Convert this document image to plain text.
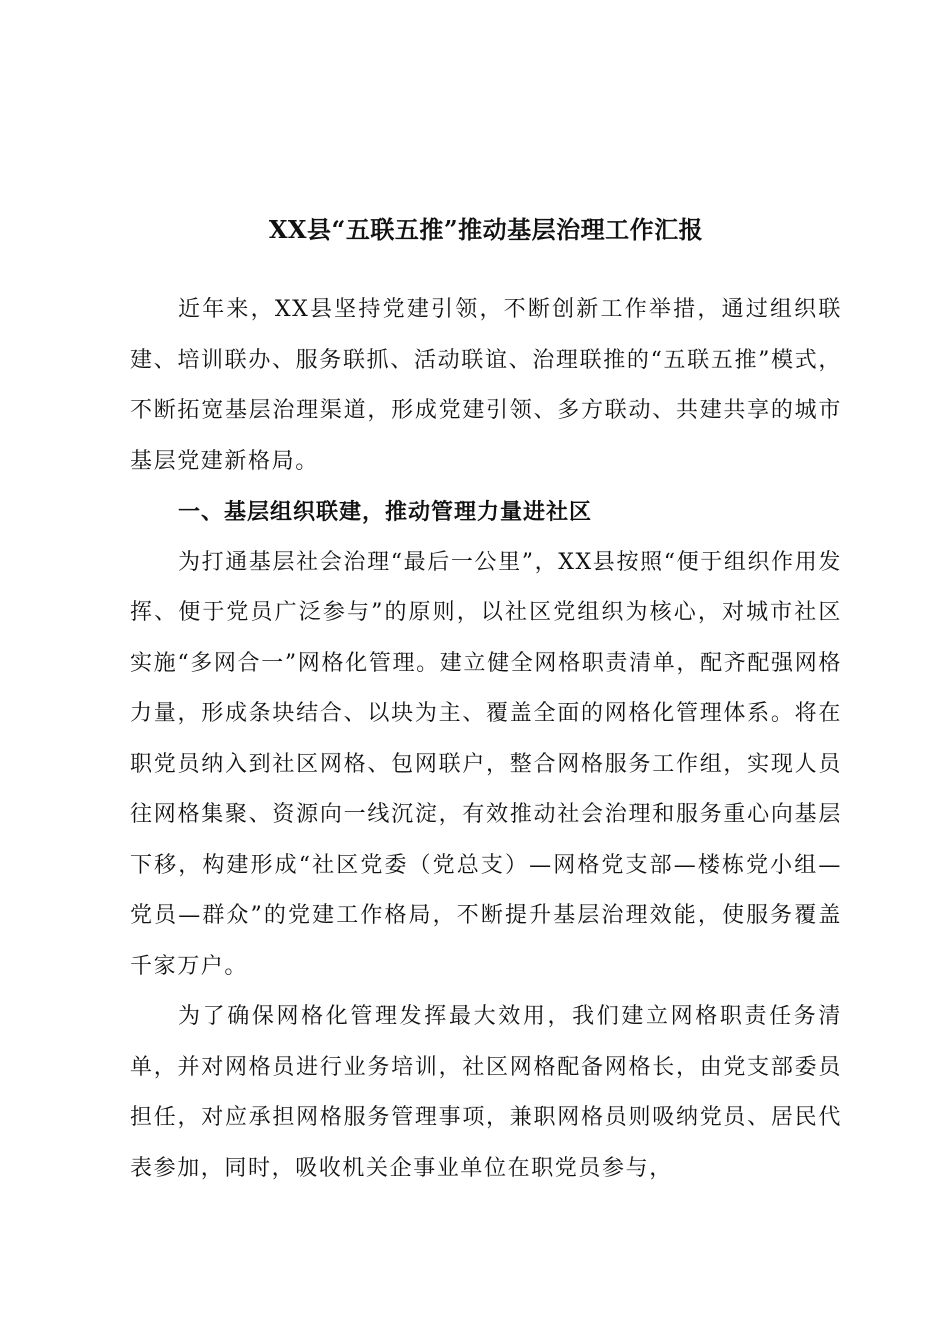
XX县“五联五推”推动基层治理工作汇报

近年来，XX县坚持党建引领，不断创新工作举措，通过组织联建、培训联办、服务联抓、活动联谊、治理联推的“五联五推”模式，不断拓宽基层治理渠道，形成党建引领、多方联动、共建共享的城市基层党建新格局。

一、基层组织联建，推动管理力量进社区

为打通基层社会治理“最后一公里”，XX县按照“便于组织作用发挥、便于党员广泛参与”的原则，以社区党组织为核心，对城市社区实施“多网合一”网格化管理。建立健全网格职责清单，配齐配强网格力量，形成条块结合、以块为主、覆盖全面的网格化管理体系。将在职党员纳入到社区网格、包网联户，整合网格服务工作组，实现人员往网格集聚、资源向一线沉淀，有效推动社会治理和服务重心向基层下移，构建形成“社区党委（党总支）—网格党支部—楼栋党小组—党员—群众”的党建工作格局，不断提升基层治理效能，使服务覆盖千家万户。

为了确保网格化管理发挥最大效用，我们建立网格职责任务清单，并对网格员进行业务培训，社区网格配备网格长，由党支部委员担任，对应承担网格服务管理事项，兼职网格员则吸纳党员、居民代表参加，同时，吸收机关企事业单位在职党员参与，
